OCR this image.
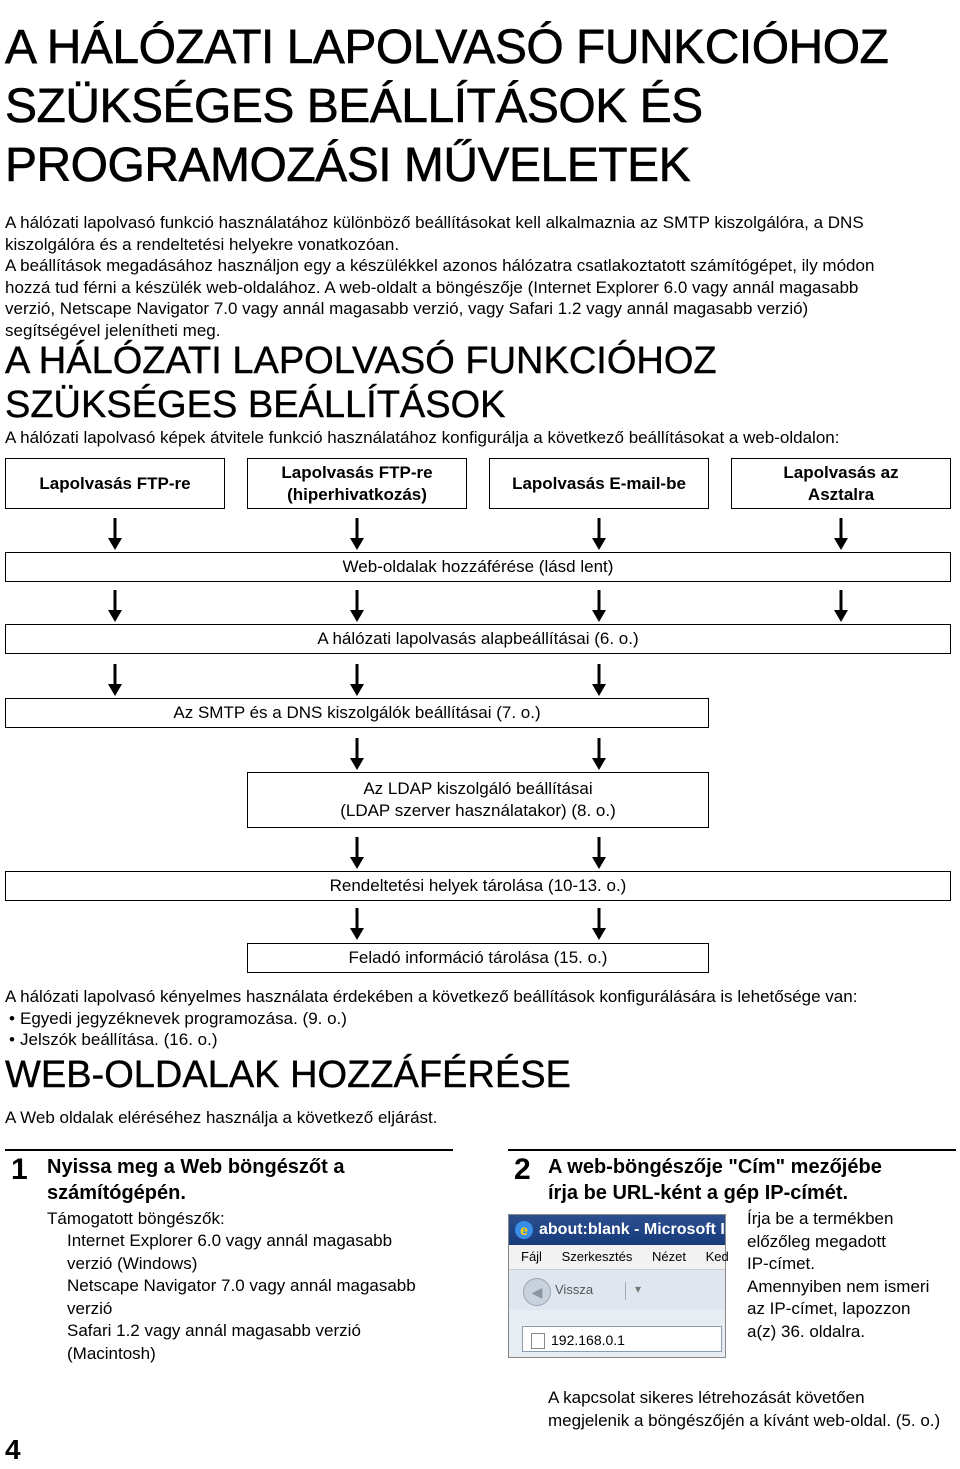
A HÁLÓZATI LAPOLVASÓ FUNKCIÓHOZ SZÜKSÉGES BEÁLLÍTÁSOK ÉS PROGRAMOZÁSI MŰVELETEK

A hálózati lapolvasó funkció használatához különböző beállításokat kell alkalmaznia az SMTP kiszolgálóra, a DNS

kiszolgálóra és a rendeltetési helyekre vonatkozóan.

A beállítások megadásához használjon egy a készülékkel azonos hálózatra csatlakoztatott számítógépet, ily módon

hozzá tud férni a készülék web-oldalához. A web-oldalt a böngészője (Internet Explorer 6.0 vagy annál magasabb

verzió, Netscape Navigator 7.0 vagy annál magasabb verzió, vagy Safari 1.2 vagy annál magasabb verzió)

segítségével jelenítheti meg.

A HÁLÓZATI LAPOLVASÓ FUNKCIÓHOZ

SZÜKSÉGES BEÁLLÍTÁSOK

A hálózati lapolvasó képek átvitele funkció használatához konfigurálja a következő beállításokat a web-oldalon:

Lapolvasás FTP-re
Lapolvasás FTP-re
(hiperhivatkozás)
Lapolvasás E-mail-be
Lapolvasás az
Asztalra
Web-oldalak hozzáférése (lásd lent)
A hálózati lapolvasás alapbeállításai (6. o.)
Az SMTP és a DNS kiszolgálók beállításai (7. o.)
Az LDAP kiszolgáló beállításai
(LDAP szerver használatakor) (8. o.)
Rendeltetési helyek tárolása (10-13. o.)
Feladó információ tárolása (15. o.)

A hálózati lapolvasó kényelmes használata érdekében a következő beállítások konfigurálására is lehetősége van:

• Egyedi jegyzéknevek programozása. (9. o.)
• Jelszók beállítása. (16. o.)

WEB-OLDALAK HOZZÁFÉRÉSE

A Web oldalak eléréséhez használja a következő eljárást.

1 Nyissa meg a Web böngészőt a
számítógépén.
Támogatott böngészők:
Internet Explorer 6.0 vagy annál magasabb
verzió (Windows)
Netscape Navigator 7.0 vagy annál magasabb
verzió
Safari 1.2 vagy annál magasabb verzió
(Macintosh)
2 A web-böngészője "Cím" mezőjébe
írja be URL-ként a gép IP-címét.
e about:blank - Microsoft In
Fájl Szerkesztés Nézet Ked
◀ Vissza	▾
192.168.0.1
Írja be a termékben
előzőleg megadott
IP-címet.
Amennyiben nem ismeri
az IP-címet, lapozzon
a(z) 36. oldalra.
A kapcsolat sikeres létrehozását követően
megjelenik a böngészőjén a kívánt web-oldal. (5. o.)
4
